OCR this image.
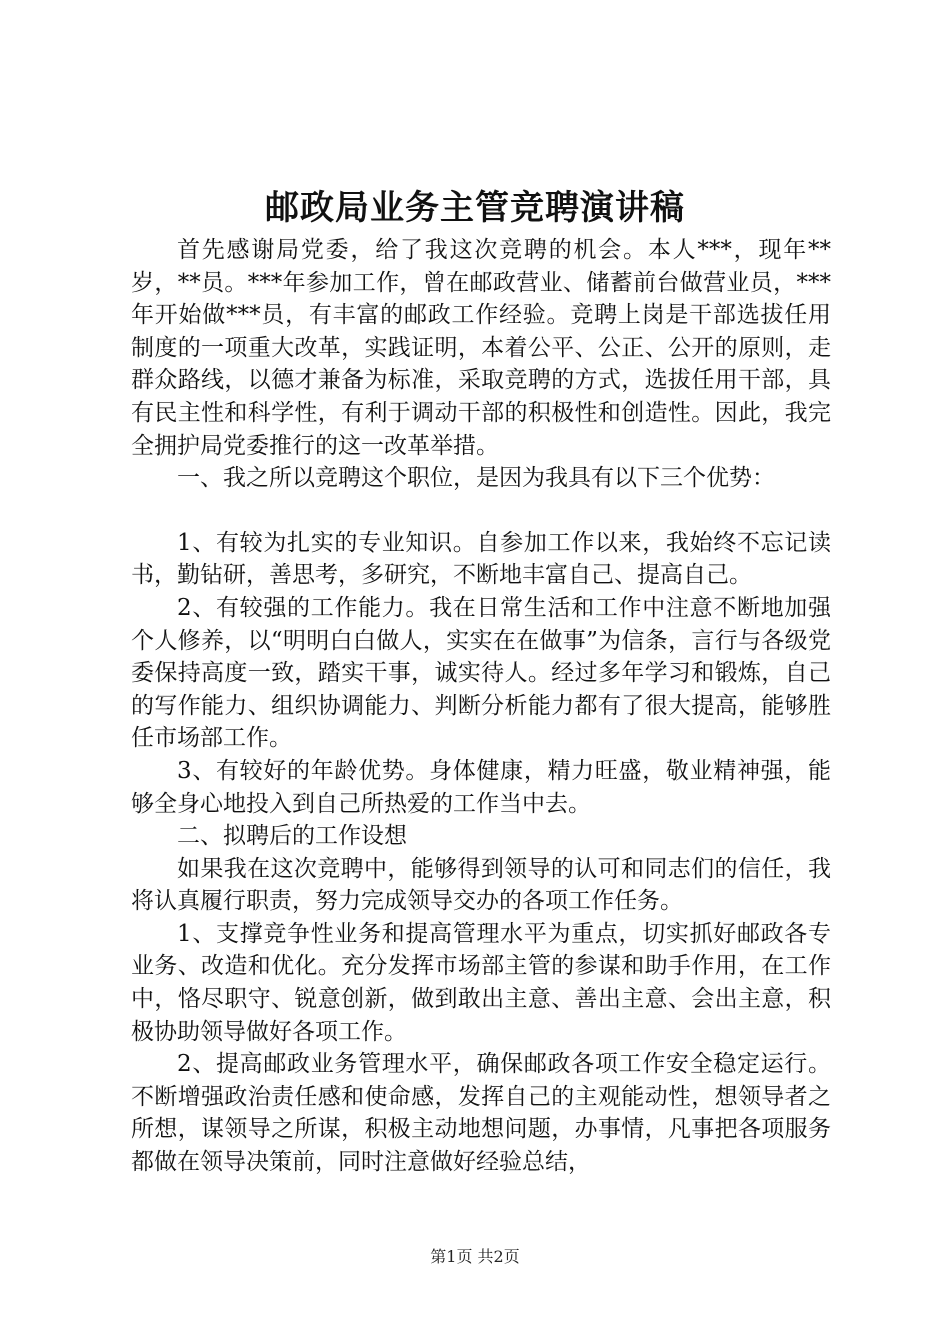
邮政局业务主管竞聘演讲稿

首先感谢局党委，给了我这次竞聘的机会。本人***，现年**岁，**员。***年参加工作，曾在邮政营业、储蓄前台做营业员，***年开始做***员，有丰富的邮政工作经验。竞聘上岗是干部选拔任用制度的一项重大改革，实践证明，本着公平、公正、公开的原则，走群众路线，以德才兼备为标准，采取竞聘的方式，选拔任用干部，具有民主性和科学性，有利于调动干部的积极性和创造性。因此，我完全拥护局党委推行的这一改革举措。

一、我之所以竞聘这个职位，是因为我具有以下三个优势：

1、有较为扎实的专业知识。自参加工作以来，我始终不忘记读书，勤钻研，善思考，多研究，不断地丰富自己、提高自己。

2、有较强的工作能力。我在日常生活和工作中注意不断地加强个人修养，以“明明白白做人，实实在在做事”为信条，言行与各级党委保持高度一致，踏实干事，诚实待人。经过多年学习和锻炼，自己的写作能力、组织协调能力、判断分析能力都有了很大提高，能够胜任市场部工作。

3、有较好的年龄优势。身体健康，精力旺盛，敬业精神强，能够全身心地投入到自己所热爱的工作当中去。

二、拟聘后的工作设想

如果我在这次竞聘中，能够得到领导的认可和同志们的信任，我将认真履行职责，努力完成领导交办的各项工作任务。

1、支撑竞争性业务和提高管理水平为重点，切实抓好邮政各专业务、改造和优化。充分发挥市场部主管的参谋和助手作用，在工作中，恪尽职守、锐意创新，做到敢出主意、善出主意、会出主意，积极协助领导做好各项工作。

2、提高邮政业务管理水平，确保邮政各项工作安全稳定运行。不断增强政治责任感和使命感，发挥自己的主观能动性，想领导者之所想，谋领导之所谋，积极主动地想问题，办事情，凡事把各项服务都做在领导决策前，同时注意做好经验总结，

第1页 共2页
